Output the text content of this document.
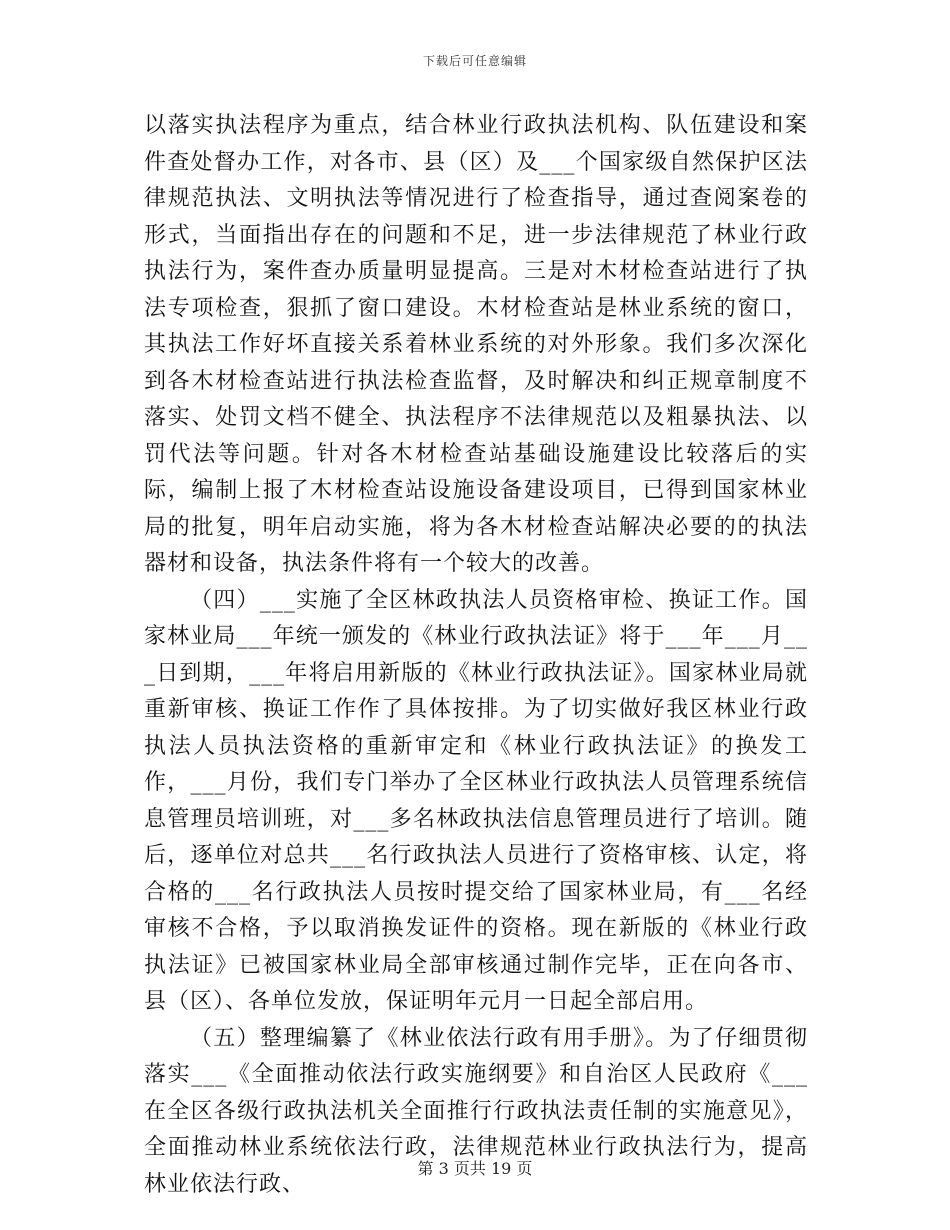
下载后可任意编辑

以落实执法程序为重点，结合林业行政执法机构、队伍建设和案件查处督办工作，对各市、县（区）及___个国家级自然保护区法律规范执法、文明执法等情况进行了检查指导，通过查阅案卷的形式，当面指出存在的问题和不足，进一步法律规范了林业行政执法行为，案件查办质量明显提高。三是对木材检查站进行了执法专项检查，狠抓了窗口建设。木材检查站是林业系统的窗口，其执法工作好坏直接关系着林业系统的对外形象。我们多次深化到各木材检查站进行执法检查监督，及时解决和纠正规章制度不落实、处罚文档不健全、执法程序不法律规范以及粗暴执法、以罚代法等问题。针对各木材检查站基础设施建设比较落后的实际，编制上报了木材检查站设施设备建设项目，已得到国家林业局的批复，明年启动实施，将为各木材检查站解决必要的的执法器材和设备，执法条件将有一个较大的改善。

（四）___实施了全区林政执法人员资格审检、换证工作。国家林业局___年统一颁发的《林业行政执法证》将于___年___月___日到期，___年将启用新版的《林业行政执法证》。国家林业局就重新审核、换证工作作了具体按排。为了切实做好我区林业行政执法人员执法资格的重新审定和《林业行政执法证》的换发工作，___月份，我们专门举办了全区林业行政执法人员管理系统信息管理员培训班，对___多名林政执法信息管理员进行了培训。随后，逐单位对总共___名行政执法人员进行了资格审核、认定，将合格的___名行政执法人员按时提交给了国家林业局，有___名经审核不合格，予以取消换发证件的资格。现在新版的《林业行政执法证》已被国家林业局全部审核通过制作完毕，正在向各市、县（区）、各单位发放，保证明年元月一日起全部启用。

（五）整理编纂了《林业依法行政有用手册》。为了仔细贯彻落实___《全面推动依法行政实施纲要》和自治区人民政府《___在全区各级行政执法机关全面推行行政执法责任制的实施意见》，全面推动林业系统依法行政，法律规范林业行政执法行为，提高林业依法行政、

第 3 页共 19 页
